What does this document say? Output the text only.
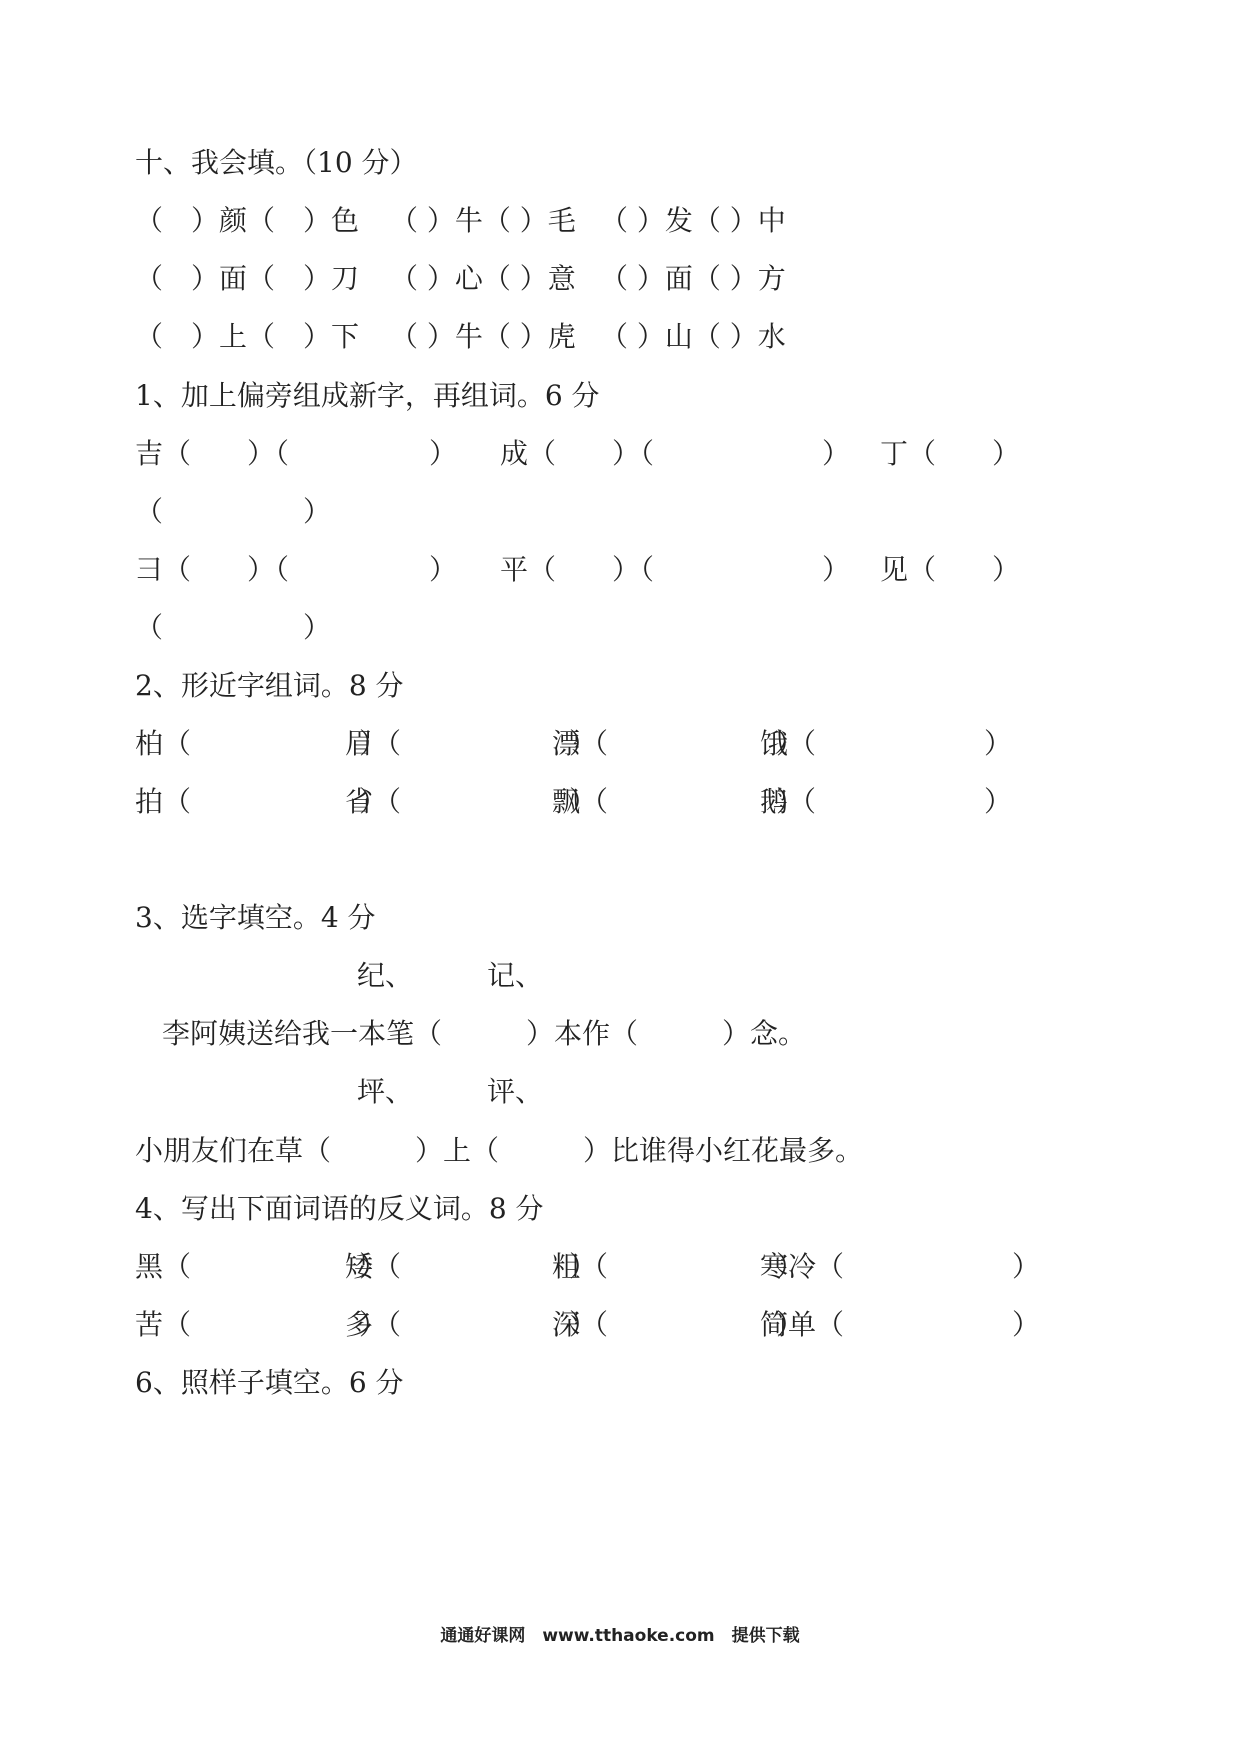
十、我会填。（10 分）

（　）颜（　）色

（ ）牛（ ）毛

（ ）发（ ）中

（　）面（　）刀

（ ）心（ ）意

（ ）面（ ）方

（　）上（　）下

（ ）牛（ ）虎

（ ）山（ ）水

1、加上偏旁组成新字，再组词。6 分

吉（　　）（　　　　　）

成（　　）（　　　　　　）

丁（　　）

（　　　　　）

彐（　　）（　　　　　）

平（　　）（　　　　　　）

见（　　）

（　　　　　）

2、形近字组词。8 分

柏（　　　　　　）

眉（　　　　　　）

漂（　　　　　　）

饿（　　　　　　）

拍（　　　　　　）

省（　　　　　　）

飘（　　　　　　）

鹅（　　　　　　）

3、选字填空。4 分

纪、

	记、

李阿姨送给我一本笔（　　　）本作（　　　）念。

坪、

	评、

小朋友们在草（　　　）上（　　　）比谁得小红花最多。

4、写出下面词语的反义词。8 分

黑（　　　　　　）

矮（　　　　　　）

粗（　　　　　　）

寒冷（　　　　　　）

苦（　　　　　　）

多（　　　　　　）

深（　　　　　　）

简单（　　　　　　）

6、照样子填空。6 分

通通好课网　www.tthaoke.com　提供下载
